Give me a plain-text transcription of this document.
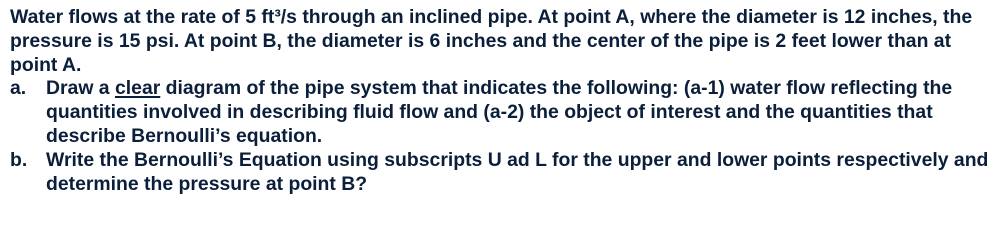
Water flows at the rate of 5 ft³/s through an inclined pipe. At point A, where the diameter is 12 inches, the pressure is 15 psi. At point B, the diameter is 6 inches and the center of the pipe is 2 feet lower than at point A.

a.	Draw a clear diagram of the pipe system that indicates the following: (a-1) water flow reflecting the quantities involved in describing fluid flow and (a-2) the object of interest and the quantities that describe Bernoulli’s equation.
b. Write the Bernoulli’s Equation using subscripts U ad L for the upper and lower points respectively and determine the pressure at point B?
